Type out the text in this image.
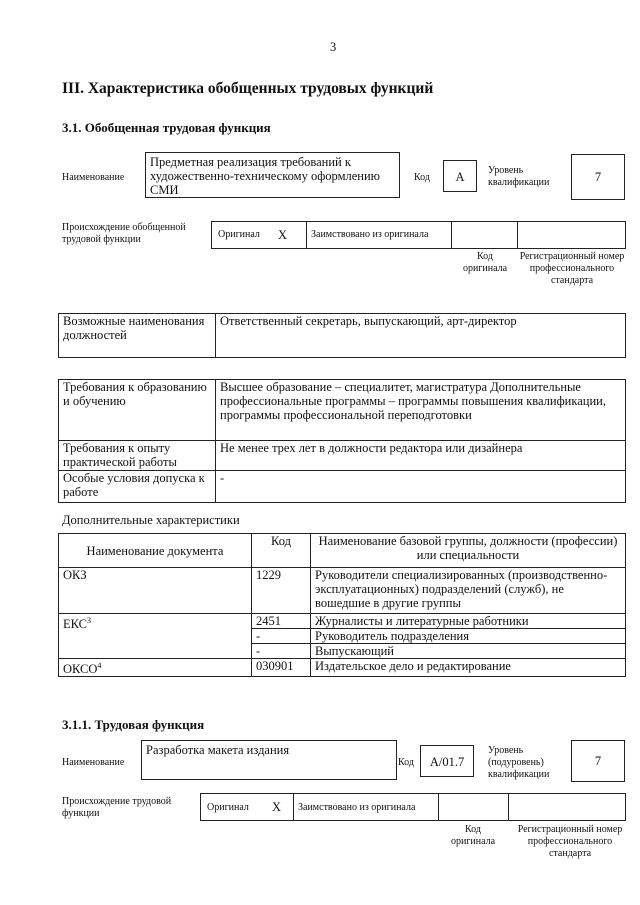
3
III. Характеристика обобщенных трудовых функций
3.1. Обобщенная трудовая функция
Наименование
Предметная реализация требований к художественно-техническому оформлению СМИ
Код	А	Уровень квалификации	7
Происхождение обобщенной трудовой функции	Оригинал X Заимствовано из оригинала
Код оригинала
Регистрационный номер профессионального стандарта
Возможные наименования должностей	Ответственный секретарь, выпускающий, арт-директор
Требования к образованию и обучению	Высшее образование – специалитет, магистратура Дополнительные профессиональные программы – программы повышения квалификации, программы профессиональной переподготовки
Требования к опыту практической работы	Не менее трех лет в должности редактора или дизайнера
Особые условия допуска к работе	-
Дополнительные характеристики
Наименование документа	Код	Наименование базовой группы, должности (профессии) или специальности
ОКЗ	1229	Руководители специализированных (производственно-эксплуатационных) подразделений (служб), не вошедшие в другие группы
ЕКС$^3$	2451	Журналисты и литературные работники
	-	Руководитель подразделения
	-	Выпускающий
ОКСО$^4$	030901	Издательское дело и редактирование
3.1.1. Трудовая функция
Наименование
Разработка макета издания
Код	А/01.7
Уровень (подуровень) квалификации
7
Происхождение трудовой функции
Оригинал X Заимствовано из оригинала
Код оригинала
Регистрационный номер профессионального стандарта
